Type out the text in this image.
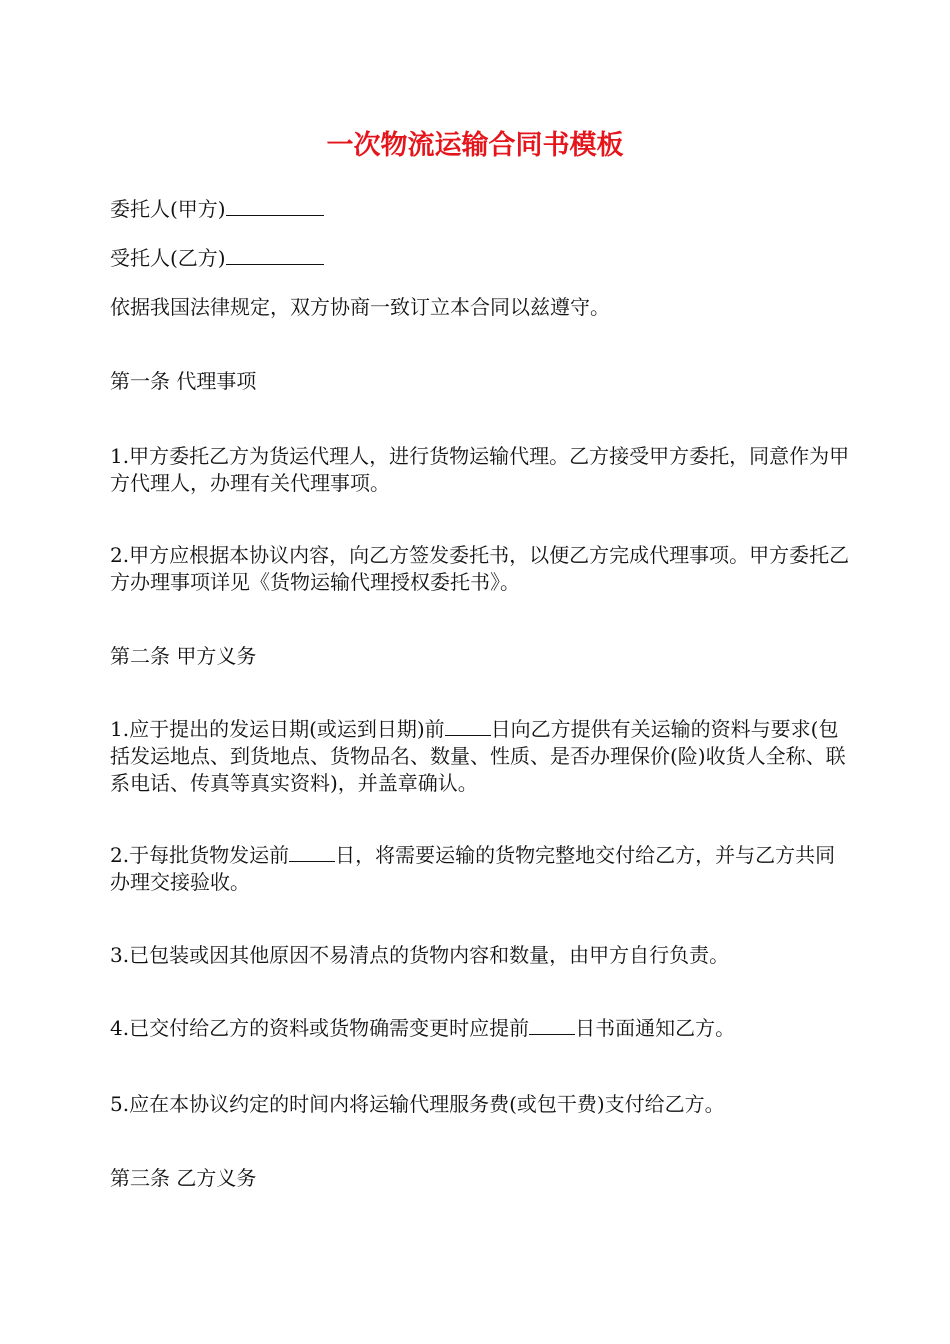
一次物流运输合同书模板

委托人(甲方)

受托人(乙方)

依据我国法律规定，双方协商一致订立本合同以兹遵守。

第一条 代理事项

1.甲方委托乙方为货运代理人，进行货物运输代理。乙方接受甲方委托，同意作为甲方代理人，办理有关代理事项。

2.甲方应根据本协议内容，向乙方签发委托书，以便乙方完成代理事项。甲方委托乙方办理事项详见《货物运输代理授权委托书》。

第二条 甲方义务

1.应于提出的发运日期(或运到日期)前 日向乙方提供有关运输的资料与要求(包括发运地点、到货地点、货物品名、数量、性质、是否办理保价(险)收货人全称、联系电话、传真等真实资料)，并盖章确认。

2.于每批货物发运前 日，将需要运输的货物完整地交付给乙方，并与乙方共同办理交接验收。

3.已包装或因其他原因不易清点的货物内容和数量，由甲方自行负责。

4.已交付给乙方的资料或货物确需变更时应提前 日书面通知乙方。

5.应在本协议约定的时间内将运输代理服务费(或包干费)支付给乙方。

第三条 乙方义务
